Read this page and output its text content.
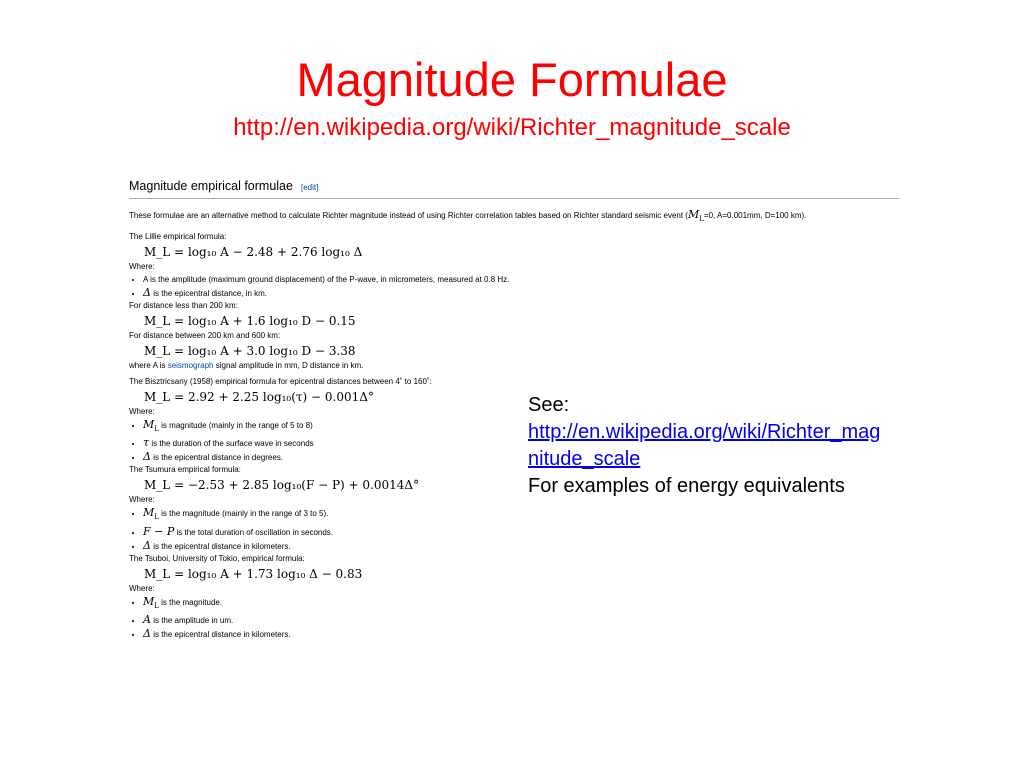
Magnitude Formulae
http://en.wikipedia.org/wiki/Richter_magnitude_scale
Magnitude empirical formulae [edit]

These formulae are an alternative method to calculate Richter magnitude instead of using Richter correlation tables based on Richter standard seismic event ($M_L=0$, A=0.001mm, D=100 km).

The Lillie empirical formula:

M_L = log₁₀ A − 2.48 + 2.76 log₁₀ Δ

Where:

• A is the amplitude (maximum ground displacement) of the P-wave, in micrometers, measured at 0.8 Hz.
• Δ is the epicentral distance, in km.

For distance less than 200 km:

M_L = log₁₀ A + 1.6 log₁₀ D − 0.15

For distance between 200 km and 600 km:

M_L = log₁₀ A + 3.0 log₁₀ D − 3.38

where A is seismograph signal amplitude in mm, D distance in km.

The Bisztricsany (1958) empirical formula for epicentral distances between 4˚ to 160˚:

M_L = 2.92 + 2.25 log₁₀(τ) − 0.001Δ°

Where:

• $M_L$ is magnitude (mainly in the range of 5 to 8)
• τ is the duration of the surface wave in seconds
• Δ is the epicentral distance in degrees.

The Tsumura empirical formula:

M_L = −2.53 + 2.85 log₁₀(F − P) + 0.0014Δ°

Where:

• $M_L$ is the magnitude (mainly in the range of 3 to 5).
• F − P is the total duration of oscillation in seconds.
• Δ is the epicentral distance in kilometers.

The Tsuboi, University of Tokio, empirical formula:

M_L = log₁₀ A + 1.73 log₁₀ Δ − 0.83

Where:

• $M_L$ is the magnitude.
• A is the amplitude in um.
• Δ is the epicentral distance in kilometers.
See:
http://en.wikipedia.org/wiki/Richter_mag
nitude_scale
For examples of energy equivalents
